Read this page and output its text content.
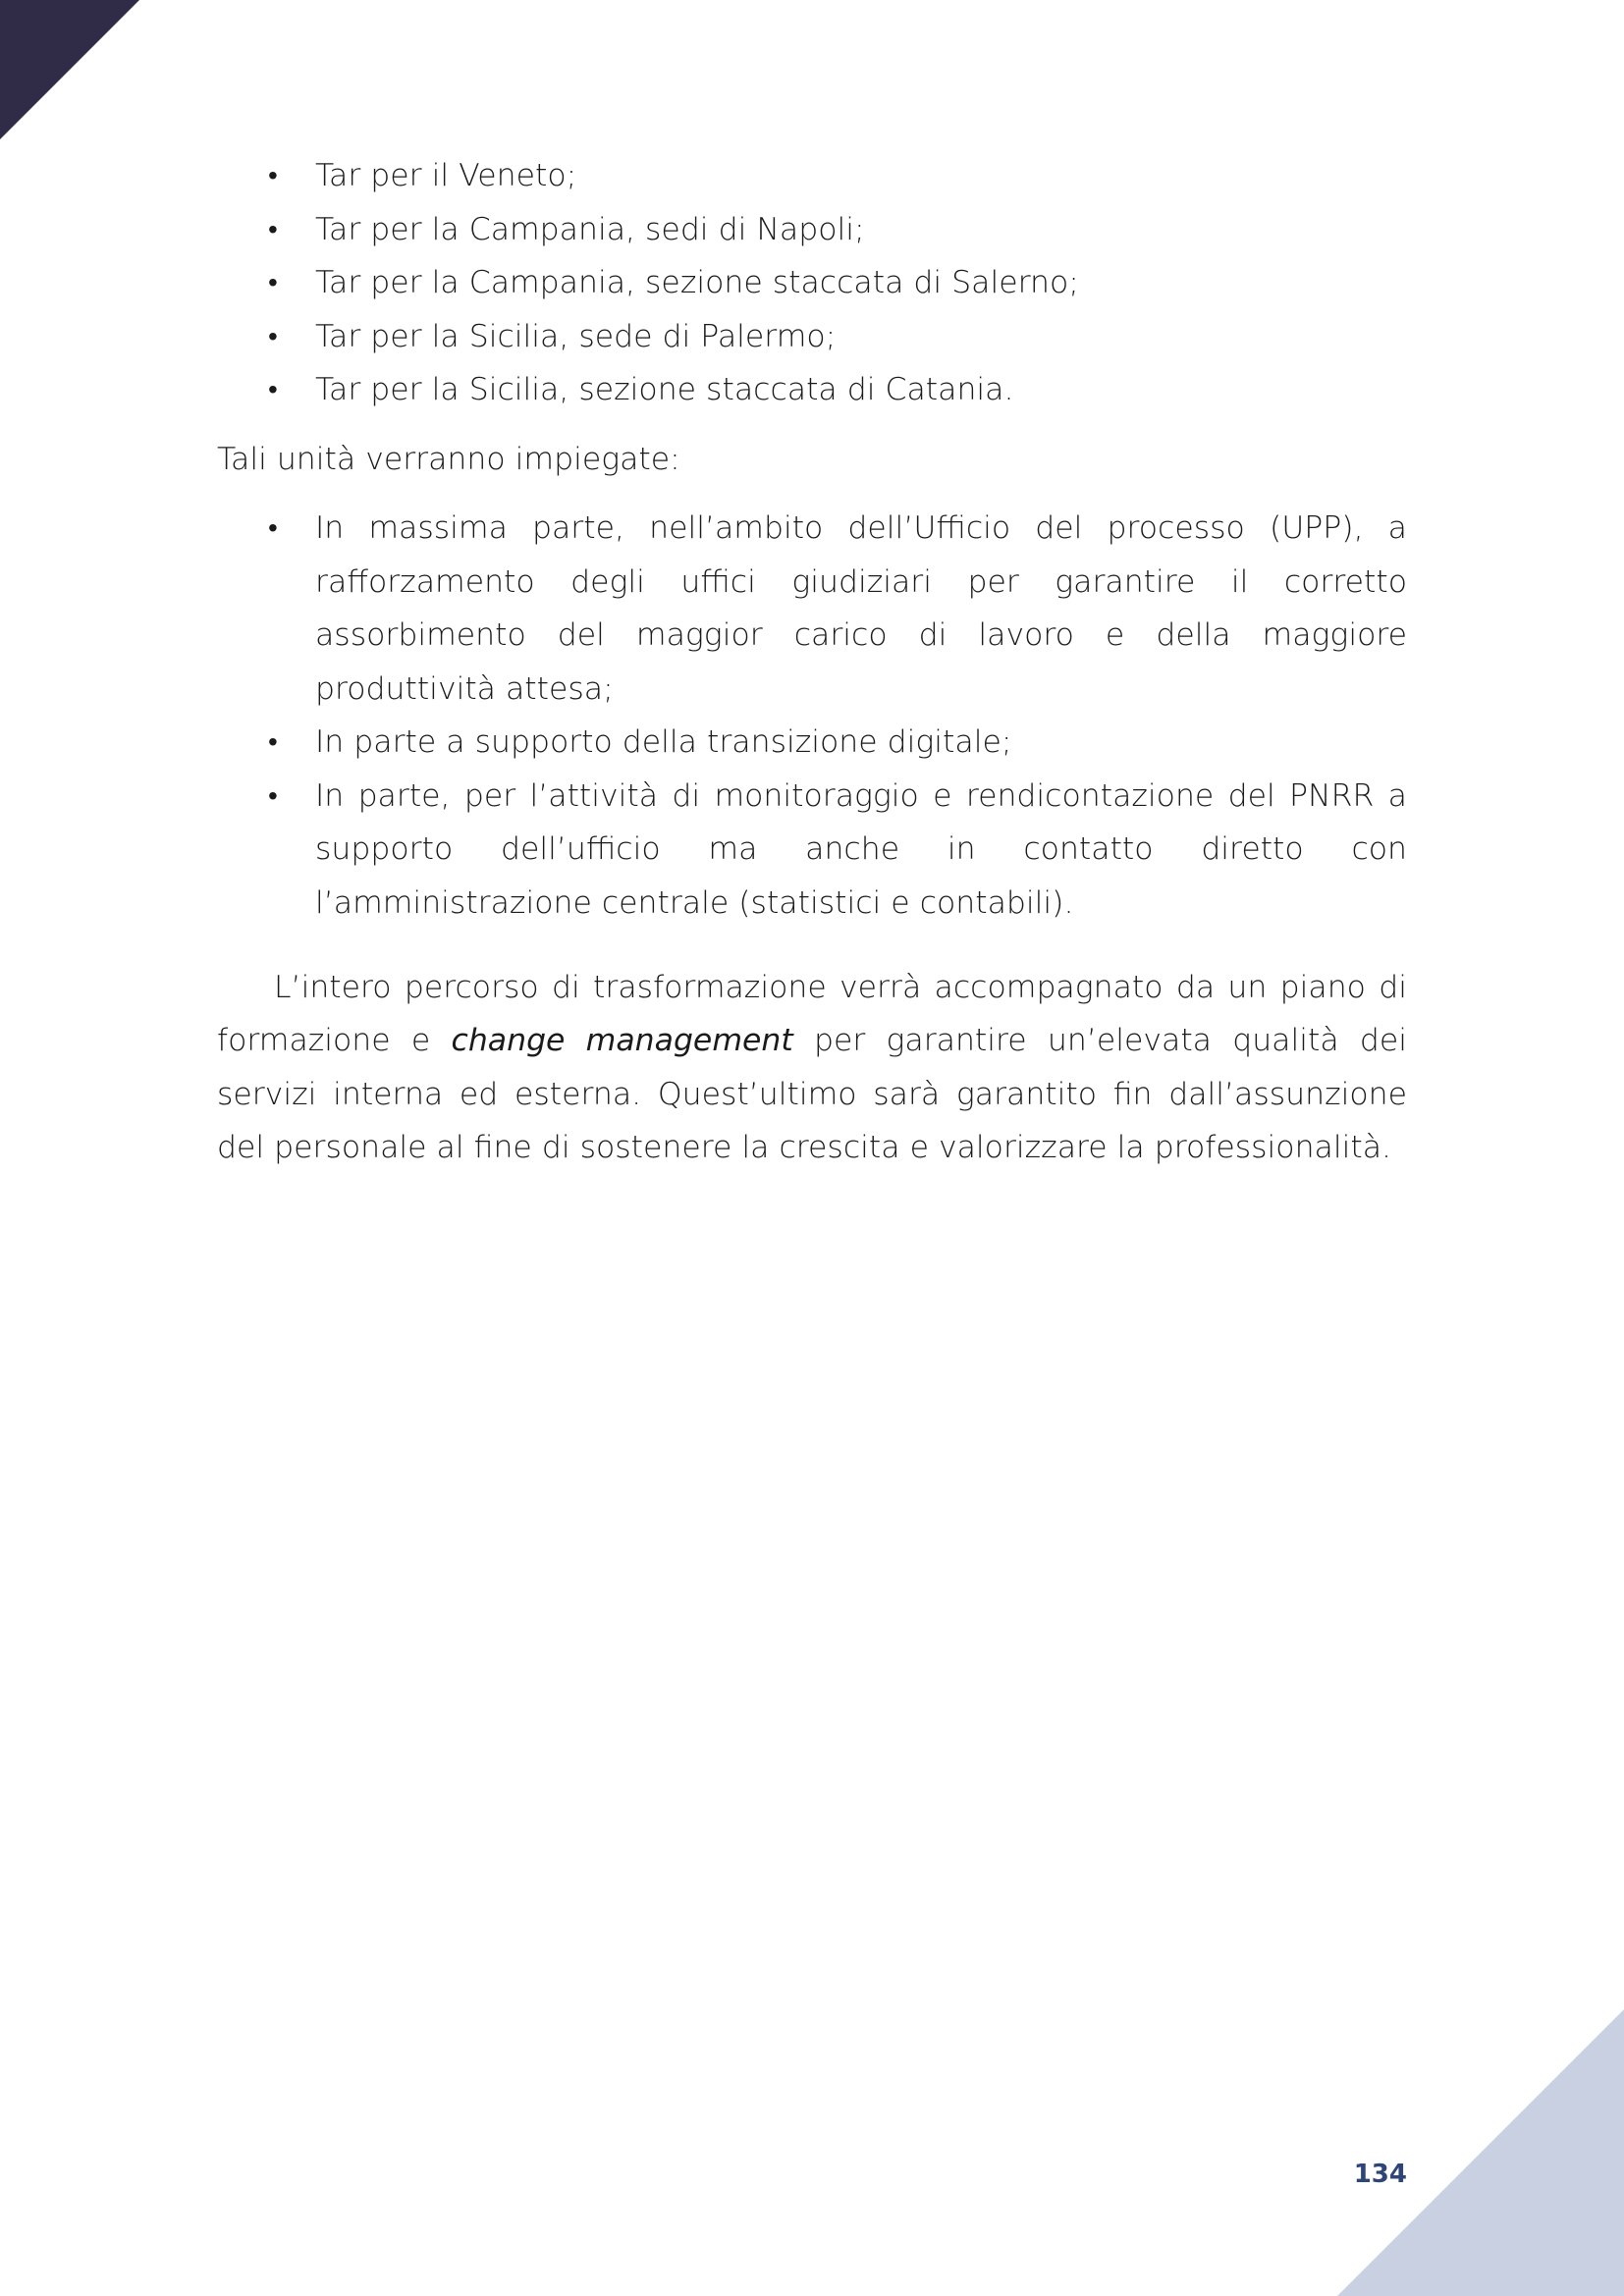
• Tar per il Veneto;
• Tar per la Campania, sedi di Napoli;
• Tar per la Campania, sezione staccata di Salerno;
• Tar per la Sicilia, sede di Palermo;
• Tar per la Sicilia, sezione staccata di Catania.

Tali unità verranno impiegate:

• In massima parte, nell’ambito dell’Ufficio del processo (UPP), a rafforzamento degli uffici giudiziari per garantire il corretto assorbimento del maggior carico di lavoro e della maggiore produttività attesa;
• In parte a supporto della transizione digitale;
• In parte, per l’attività di monitoraggio e rendicontazione del PNRR a supporto dell’ufficio ma anche in contatto diretto con l’amministrazione centrale (statistici e contabili).

L’intero percorso di trasformazione verrà accompagnato da un piano di formazione e change management per garantire un’elevata qualità dei servizi interna ed esterna. Quest’ultimo sarà garantito fin dall’assunzione del personale al fine di sostenere la crescita e valorizzare la professionalità.

134
